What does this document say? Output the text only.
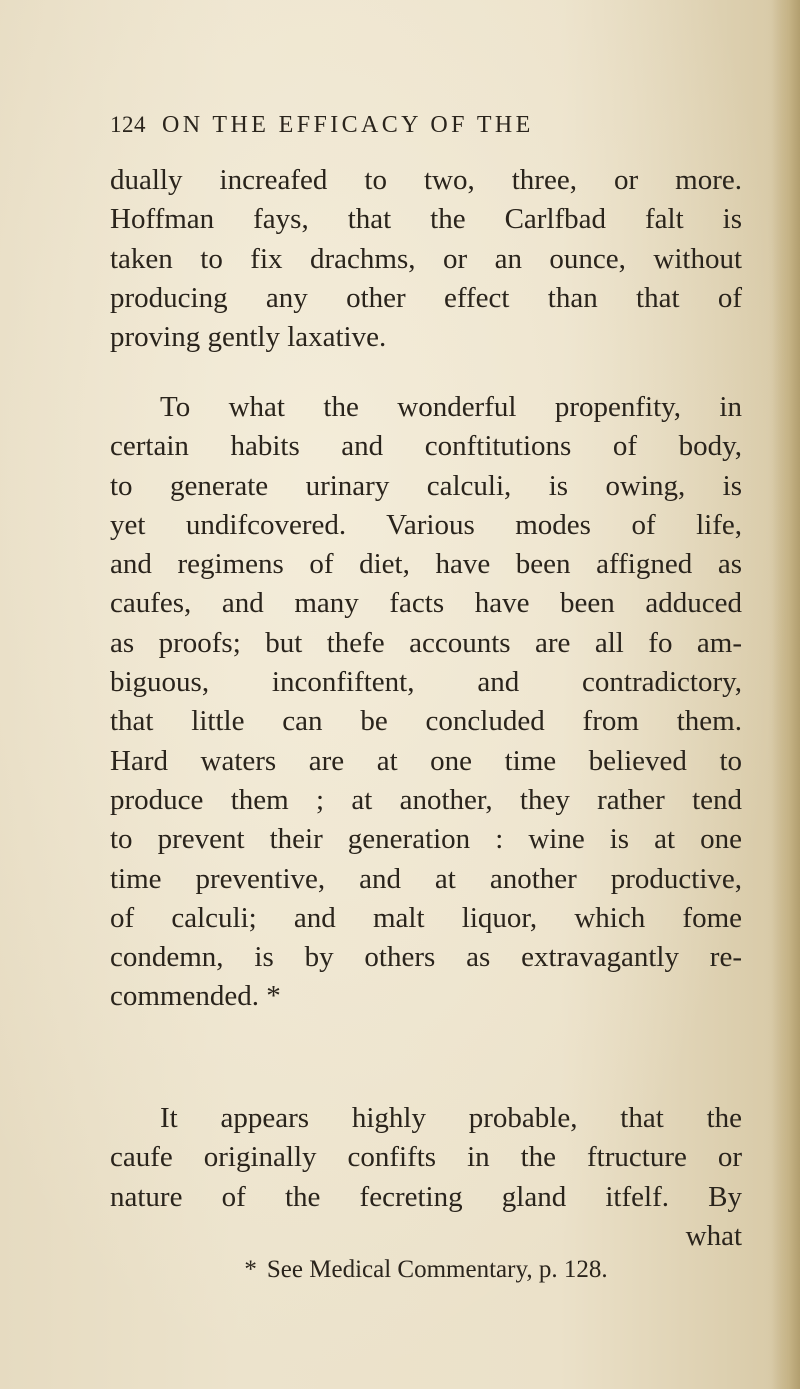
124 ON THE EFFICACY OF THE
dually increafed to two, three, or more.
Hoffman fays, that the Carlfbad falt is
taken to fix drachms, or an ounce, without
producing any other effect than that of
proving gently laxative.
To what the wonderful propenfity, in
certain habits and conftitutions of body,
to generate urinary calculi, is owing, is
yet undifcovered. Various modes of life,
and regimens of diet, have been affigned as
caufes, and many facts have been adduced
as proofs; but thefe accounts are all fo am-
biguous, inconfiftent, and contradictory,
that little can be concluded from them.
Hard waters are at one time believed to
produce them ; at another, they rather tend
to prevent their generation : wine is at one
time preventive, and at another productive,
of calculi; and malt liquor, which fome
condemn, is by others as extravagantly re-
commended. *
It appears highly probable, that the
caufe originally confifts in the ftructure or
nature of the fecreting gland itfelf. By
what
* See Medical Commentary, p. 128.
